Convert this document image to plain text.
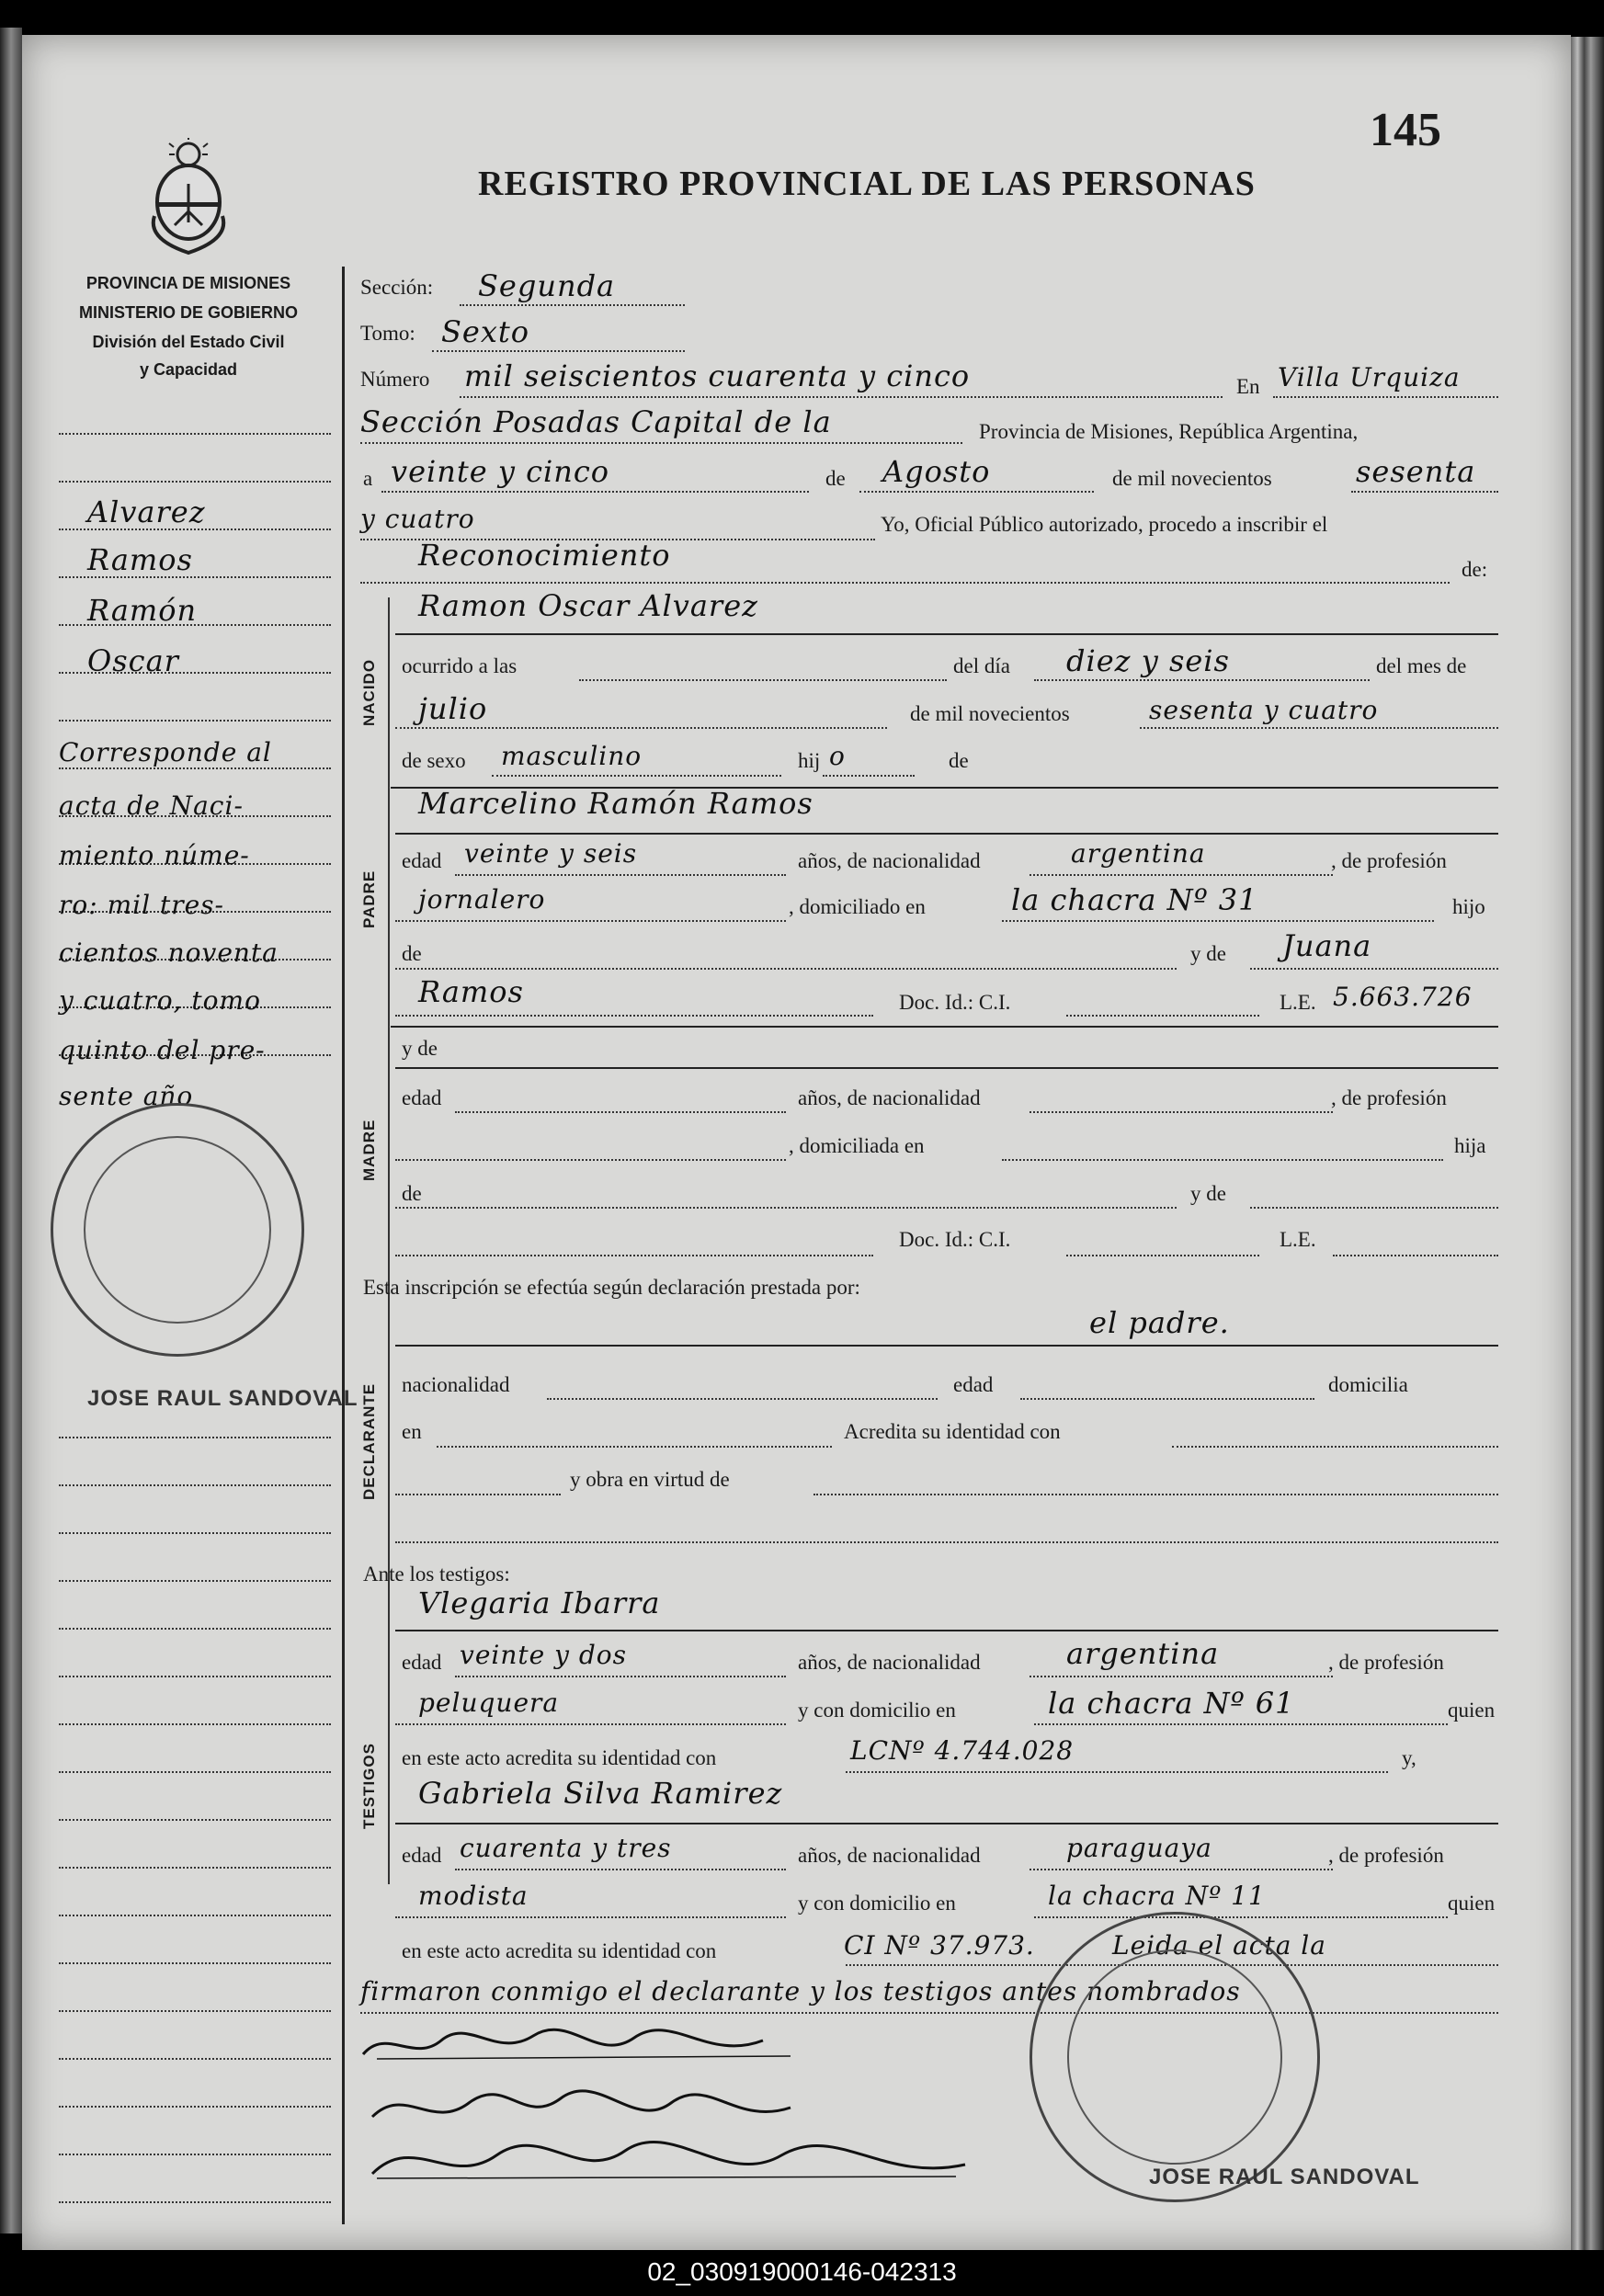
145
REGISTRO PROVINCIAL DE LAS PERSONAS
PROVINCIA DE MISIONES
MINISTERIO DE GOBIERNO
División del Estado Civil
y Capacidad
Alvarez
Ramos
Ramón
Oscar
Corresponde al
acta de Naci-
miento núme-
ro: mil tres-
cientos noventa
y cuatro, tomo
quinto del pre-
sente año
JOSE RAUL SANDOVAL
Sección: Segunda
Tomo: Sexto
Número mil seiscientos cuarenta y cinco	En Villa Urquiza
Sección Posadas Capital de la	Provincia de Misiones, República Argentina,
a veinte y cinco	de Agosto	de mil novecientos	sesenta
y cuatro	Yo, Oficial Público autorizado, procedo a inscribir el
Reconocimiento	de:
NACIDO
Ramon Oscar Alvarez
ocurrido a las	del día diez y seis	del mes de
julio	de mil novecientos	sesenta y cuatro
de sexo masculino	hij o	de
PADRE
Marcelino Ramón Ramos
edad veinte y seis	años, de nacionalidad	argentina	, de profesión
jornalero	, domiciliado en	la chacra Nº 31	hijo
de	y de Juana
Ramos	Doc. Id.: C.I.	L.E. 5.663.726
MADRE
y de
edad	años, de nacionalidad	, de profesión
, domiciliada en	hija
de	y de
Doc. Id.: C.I.	L.E.
Esta inscripción se efectúa según declaración prestada por:
el padre.
DECLARANTE nacionalidad	edad	domicilia
en	Acredita su identidad con
y obra en virtud de
Ante los testigos:
TESTIGOS
Vlegaria Ibarra
edad veinte y dos	años, de nacionalidad	argentina	, de profesión
peluquera	y con domicilio en	la chacra Nº 61	quien
en este acto acredita su identidad con	LCNº 4.744.028	y,
Gabriela Silva Ramirez
edad cuarenta y tres	años, de nacionalidad	paraguaya	, de profesión
modista	y con domicilio en	la chacra Nº 11	quien
en este acto acredita su identidad con	CI Nº 37.973.	Leida el acta la
firmaron conmigo el declarante y los testigos antes nombrados
JOSE RAUL SANDOVAL
02_030919000146-042313
